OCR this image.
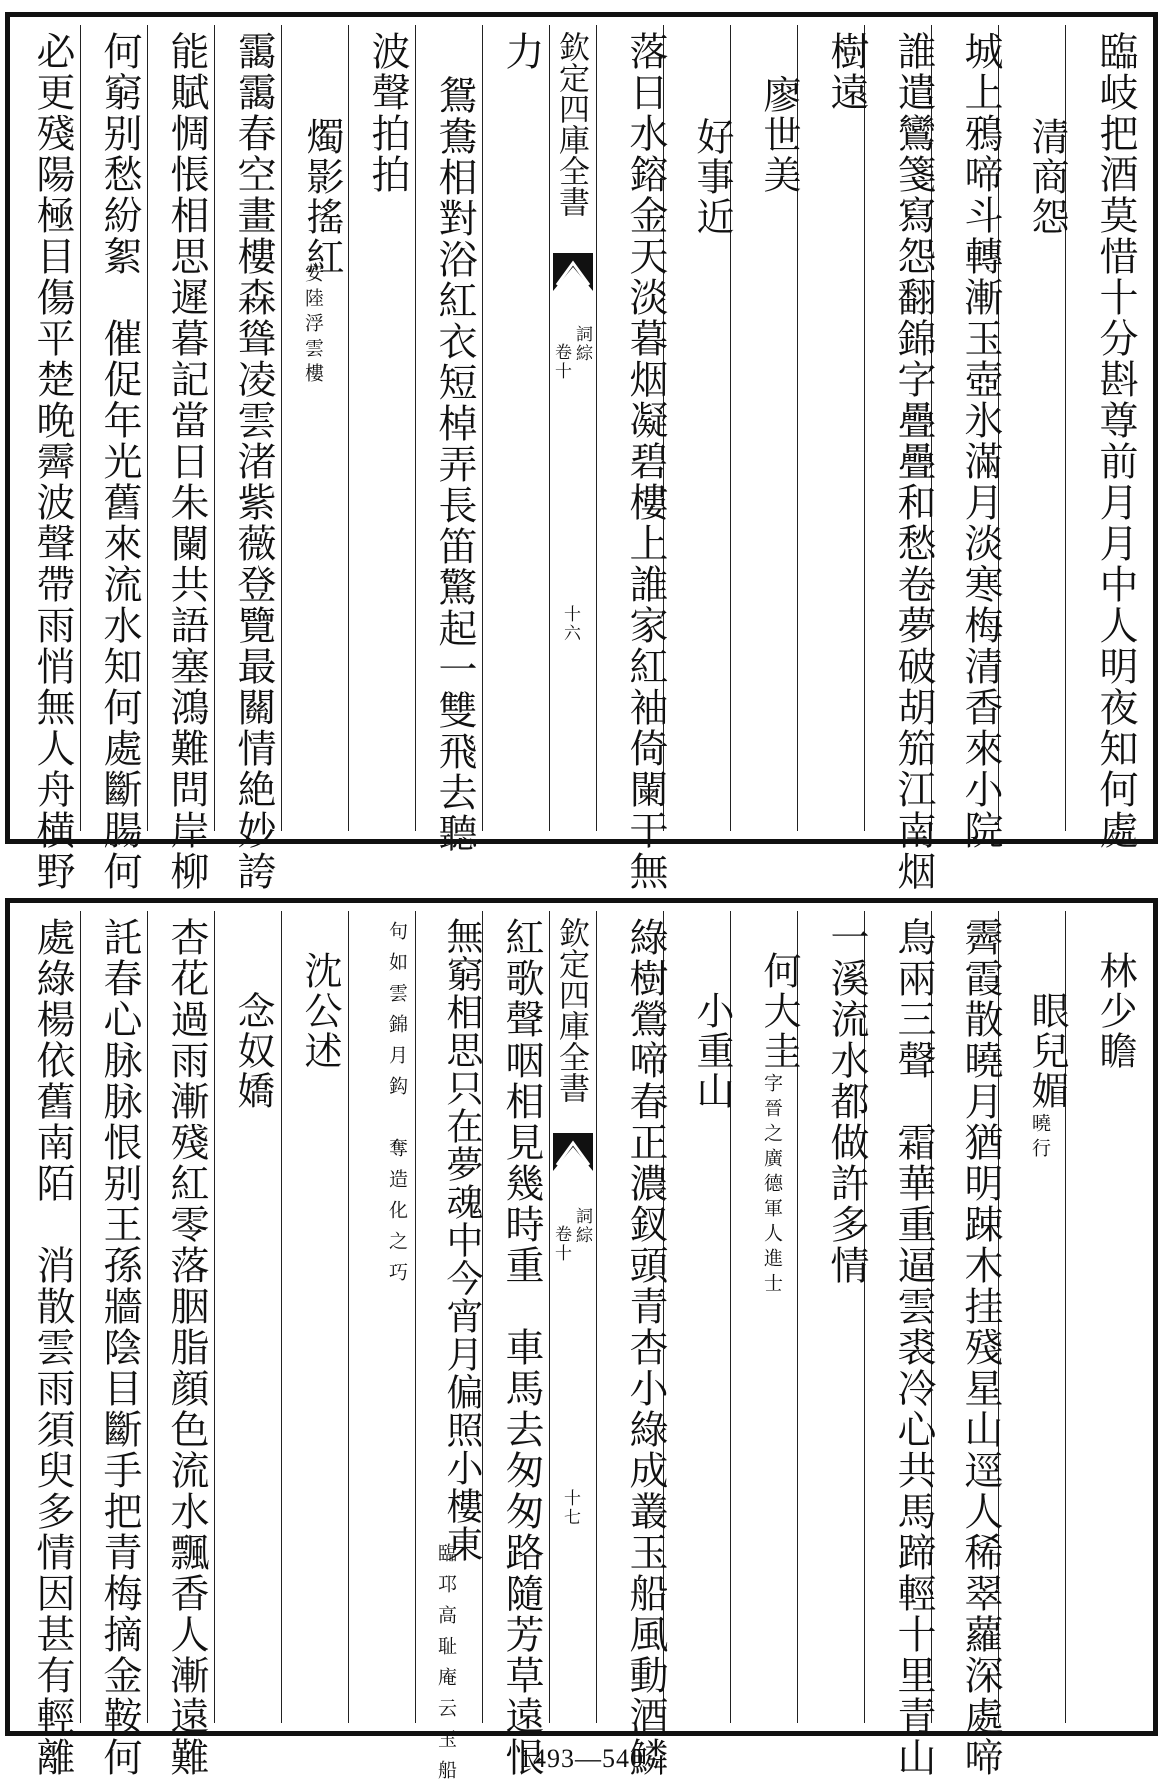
臨岐把酒莫惜十分斟尊前月月中人明夜知何處
清商怨
城上鴉啼斗轉漸玉壺氷滿月淡寒梅清香來小院
誰遣鸞箋寫怨翻錦字疊疊和愁卷夢破胡笳江南烟
樹遠
廖世美
好事近
落日水鎔金天淡暮烟凝碧樓上誰家紅袖倚闌干無
欽定四庫全書
詞綜
卷十
十六
力
鴛鴦相對浴紅衣短棹弄長笛驚起一雙飛去聽
波聲拍拍
燭影搖紅
安陸浮雲樓
靄靄春空畫樓森聳凌雲渚紫薇登覽最關情絶妙誇
能賦惆悵相思遲暮記當日朱闌共語塞鴻難問岸柳
何窮别愁紛絮　催促年光舊來流水知何處斷腸何
必更殘陽極目傷平楚晚霽波聲帶雨悄無人舟横野
林少瞻
眼兒媚
曉行
霽霞散曉月猶明踈木挂殘星山逕人稀翠蘿深處啼
鳥兩三聲　霜華重逼雲裘冷心共馬蹄輕十里青山
一溪流水都做許多情
何大圭
字晉之廣德軍人進士
小重山
綠樹鶯啼春正濃釵頭青杏小綠成叢玉船風動酒鱗
欽定四庫全書
詞綜
卷十
十七
紅歌聲咽相見幾時重　車馬去匆匆路隨芳草遠恨
無窮相思只在夢魂中今宵月偏照小樓東
臨邛高耻庵云玉船
句如雲錦月鈎　奪造化之巧
沈公述
念奴嬌
杏花過雨漸殘紅零落胭脂顔色流水飄香人漸遠難
託春心脉脉恨别王孫牆陰目斷手把青梅摘金鞍何
處綠楊依舊南陌　消散雲雨須臾多情因甚有輕離	1493—540
